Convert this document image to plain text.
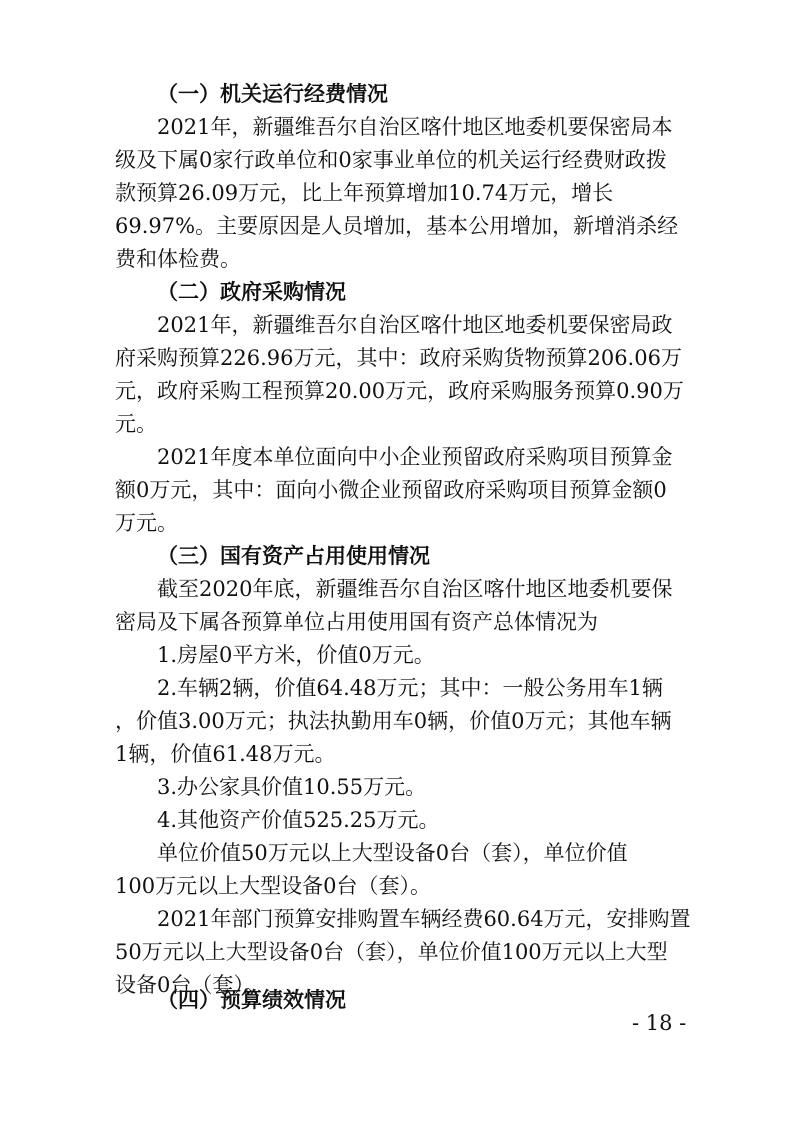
（一）机关运行经费情况
2021年，新疆维吾尔自治区喀什地区地委机要保密局本
级及下属0家行政单位和0家事业单位的机关运行经费财政拨
款预算26.09万元，比上年预算增加10.74万元，增长
69.97%。主要原因是人员增加，基本公用增加，新增消杀经
费和体检费。
（二）政府采购情况
2021年，新疆维吾尔自治区喀什地区地委机要保密局政
府采购预算226.96万元，其中：政府采购货物预算206.06万
元，政府采购工程预算20.00万元，政府采购服务预算0.90万
元。
2021年度本单位面向中小企业预留政府采购项目预算金
额0万元，其中：面向小微企业预留政府采购项目预算金额0
万元。
（三）国有资产占用使用情况
截至2020年底，新疆维吾尔自治区喀什地区地委机要保
密局及下属各预算单位占用使用国有资产总体情况为
1.房屋0平方米，价值0万元。
2.车辆2辆，价值64.48万元；其中：一般公务用车1辆
，价值3.00万元；执法执勤用车0辆，价值0万元；其他车辆
1辆，价值61.48万元。
3.办公家具价值10.55万元。
4.其他资产价值525.25万元。
单位价值50万元以上大型设备0台（套），单位价值
100万元以上大型设备0台（套）。
2021年部门预算安排购置车辆经费60.64万元，安排购置
50万元以上大型设备0台（套），单位价值100万元以上大型
设备0台（套）。
（四）预算绩效情况
- 18 -
